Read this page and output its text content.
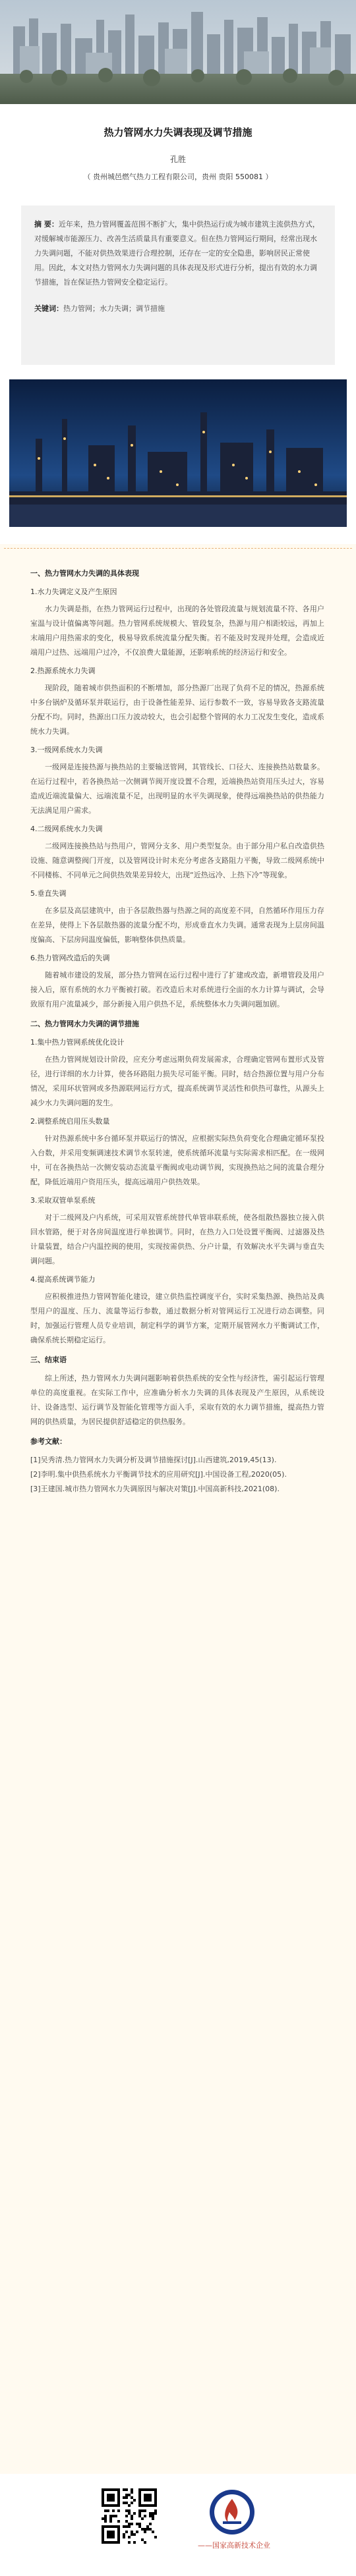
热力管网水力失调表现及调节措施

孔胜
（ 贵州城邑燃气热力工程有限公司，贵州 贵阳 550081 ）
摘 要：近年来，热力管网覆盖范围不断扩大，集中供热运行成为城市建筑主流供热方式，对缓解城市能源压力、改善生活质量具有重要意义。但在热力管网运行期间，经常出现水力失调问题，不能对供热效果进行合理控制，还存在一定的安全隐患，影响居民正常使用。因此，本文对热力管网水力失调问题的具体表现及形式进行分析，提出有效的水力调节措施，旨在保证热力管网安全稳定运行。
关键词：热力管网；水力失调；调节措施
一、热力管网水力失调的具体表现
1.水力失调定义及产生原因

水力失调是指，在热力管网运行过程中，出现的各处管段流量与规划流量不符、各用户室温与设计值偏离等问题。热力管网系统规模大、管段复杂，热源与用户相距较远，再加上末端用户用热需求的变化，极易导致系统流量分配失衡。若不能及时发现并处理，会造成近端用户过热、远端用户过冷，不仅浪费大量能源，还影响系统的经济运行和安全。

2.热源系统水力失调

现阶段，随着城市供热面积的不断增加，部分热源厂出现了负荷不足的情况，热源系统中多台锅炉及循环泵并联运行，由于设备性能差异、运行参数不一致，容易导致各支路流量分配不均。同时，热源出口压力波动较大，也会引起整个管网的水力工况发生变化，造成系统水力失调。

3.一级网系统水力失调

一级网是连接热源与换热站的主要输送管网，其管线长、口径大、连接换热站数量多。在运行过程中，若各换热站一次侧调节阀开度设置不合理，近端换热站资用压头过大，容易造成近端流量偏大、远端流量不足，出现明显的水平失调现象，使得远端换热站的供热能力无法满足用户需求。

4.二级网系统水力失调

二级网连接换热站与热用户，管网分支多、用户类型复杂。由于部分用户私自改造供热设施、随意调整阀门开度，以及管网设计时未充分考虑各支路阻力平衡，导致二级网系统中不同楼栋、不同单元之间供热效果差异较大，出现“近热远冷、上热下冷”等现象。

5.垂直失调

在多层及高层建筑中，由于各层散热器与热源之间的高度差不同，自然循环作用压力存在差异，使得上下各层散热器的流量分配不均，形成垂直水力失调。通常表现为上层房间温度偏高、下层房间温度偏低，影响整体供热质量。

6.热力管网改造后的失调

随着城市建设的发展，部分热力管网在运行过程中进行了扩建或改造，新增管段及用户接入后，原有系统的水力平衡被打破。若改造后未对系统进行全面的水力计算与调试，会导致原有用户流量减少，部分新接入用户供热不足，系统整体水力失调问题加剧。

二、热力管网水力失调的调节措施
1.集中热力管网系统优化设计

在热力管网规划设计阶段，应充分考虑远期负荷发展需求，合理确定管网布置形式及管径，进行详细的水力计算，使各环路阻力损失尽可能平衡。同时，结合热源位置与用户分布情况，采用环状管网或多热源联网运行方式，提高系统调节灵活性和供热可靠性，从源头上减少水力失调问题的发生。

2.调整系统启用压头数量

针对热源系统中多台循环泵并联运行的情况，应根据实际热负荷变化合理确定循环泵投入台数，并采用变频调速技术调节水泵转速，使系统循环流量与实际需求相匹配。在一级网中，可在各换热站一次侧安装动态流量平衡阀或电动调节阀，实现换热站之间的流量合理分配，降低近端用户资用压头，提高远端用户供热效果。

3.采取双管单泵系统

对于二级网及户内系统，可采用双管系统替代单管串联系统，使各组散热器独立接入供回水管路，便于对各房间温度进行单独调节。同时，在热力入口处设置平衡阀、过滤器及热计量装置，结合户内温控阀的使用，实现按需供热、分户计量，有效解决水平失调与垂直失调问题。

4.提高系统调节能力

应积极推进热力管网智能化建设，建立供热监控调度平台，实时采集热源、换热站及典型用户的温度、压力、流量等运行参数，通过数据分析对管网运行工况进行动态调整。同时，加强运行管理人员专业培训，制定科学的调节方案，定期开展管网水力平衡调试工作，确保系统长期稳定运行。

三、结束语

综上所述，热力管网水力失调问题影响着供热系统的安全性与经济性，需引起运行管理单位的高度重视。在实际工作中，应准确分析水力失调的具体表现及产生原因，从系统设计、设备选型、运行调节及智能化管理等方面入手，采取有效的水力调节措施，提高热力管网的供热质量，为居民提供舒适稳定的供热服务。

参考文献：
[1]吴秀清.热力管网水力失调分析及调节措施探讨[J].山西建筑,2019,45(13).
[2]李明.集中供热系统水力平衡调节技术的应用研究[J].中国设备工程,2020(05).
[3]王建国.城市热力管网水力失调原因与解决对策[J].中国高新科技,2021(08).
——国家高新技术企业
